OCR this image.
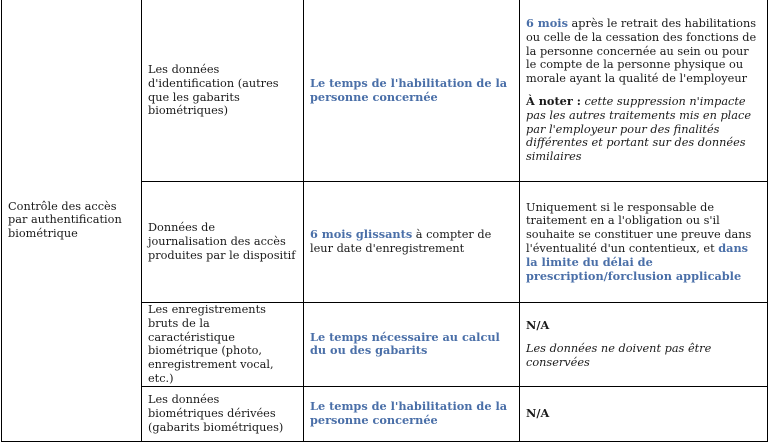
Contrôle des accès par authentification biométrique	Les données d'identification (autres que les gabarits biométriques)	Le temps de l'habilitation de la personne concernée	6 mois après le retrait des habilitations ou celle de la cessation des fonctions de la personne concernée au sein ou pour le compte de la personne physique ou morale ayant la qualité de l'employeur
À noter : cette suppression n'impacte pas les autres traitements mis en place par l'employeur pour des finalités différentes et portant sur des données similaires
	Données de journalisation des accès produites par le dispositif	6 mois glissants à compter de leur date d'enregistrement	Uniquement si le responsable de traitement en a l'obligation ou s'il souhaite se constituer une preuve dans l'éventualité d'un contentieux, et dans la limite du délai de prescription/forclusion applicable
	Les enregistrements bruts de la caractéristique biométrique (photo, enregistrement vocal, etc.)	Le temps nécessaire au calcul du ou des gabarits	N/A
Les données ne doivent pas être conservées
	Les données biométriques dérivées (gabarits biométriques)	Le temps de l'habilitation de la personne concernée	N/A
